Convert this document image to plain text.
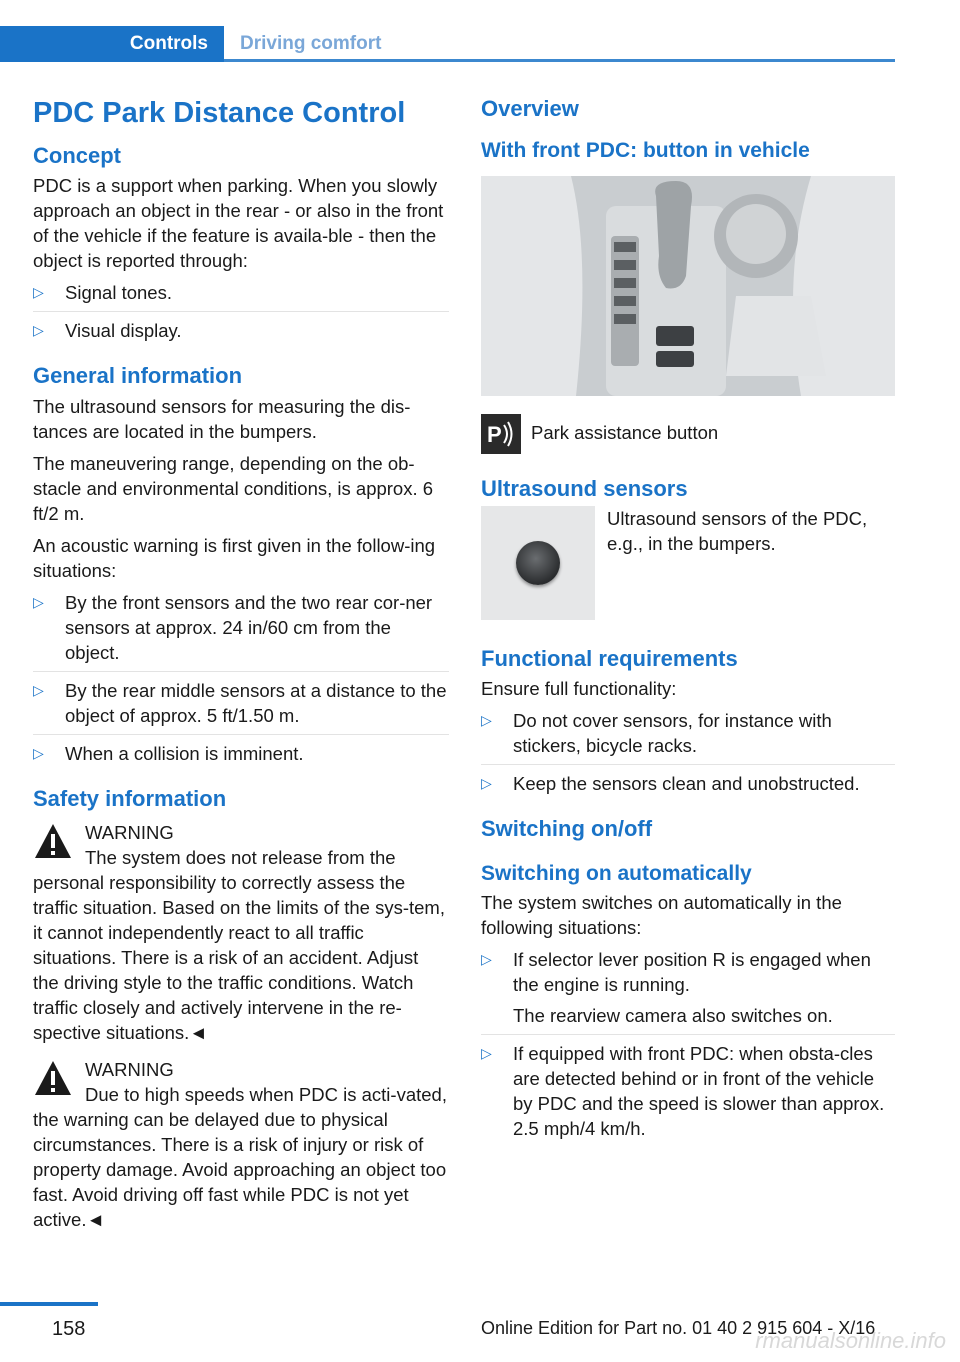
Controls	Driving comfort
PDC Park Distance Control
Concept

PDC is a support when parking. When you slowly approach an object in the rear - or also in the front of the vehicle if the feature is availa-ble - then the object is reported through:

▷ Signal tones.
▷ Visual display.
General information

The ultrasound sensors for measuring the dis-tances are located in the bumpers.

The maneuvering range, depending on the ob-stacle and environmental conditions, is approx. 6 ft/2 m.

An acoustic warning is first given in the follow-ing situations:

▷ By the front sensors and the two rear cor-ner sensors at approx. 24 in/60 cm from the object.
▷ By the rear middle sensors at a distance to the object of approx. 5 ft/1.50 m.
▷ When a collision is imminent.
Safety information

WARNING

The system does not release from the personal responsibility to correctly assess the traffic situation. Based on the limits of the sys-tem, it cannot independently react to all traffic situations. There is a risk of an accident. Adjust the driving style to the traffic conditions. Watch traffic closely and actively intervene in the re-spective situations.◄

WARNING

Due to high speeds when PDC is acti-vated, the warning can be delayed due to physical circumstances. There is a risk of injury or risk of property damage. Avoid approaching an object too fast. Avoid driving off fast while PDC is not yet active.◄

Overview
With front PDC: button in vehicle
P Park assistance button

Ultrasound sensors

Ultrasound sensors of the PDC, e.g., in the bumpers.

Functional requirements

Ensure full functionality:

▷ Do not cover sensors, for instance with stickers, bicycle racks.
▷ Keep the sensors clean and unobstructed.
Switching on/off
Switching on automatically

The system switches on automatically in the following situations:

▷ If selector lever position R is engaged when the engine is running.
The rearview camera also switches on.
▷ If equipped with front PDC: when obsta-cles are detected behind or in front of the vehicle by PDC and the speed is slower than approx. 2.5 mph/4 km/h.
158	Online Edition for Part no. 01 40 2 915 604 - X/16
rmanualsonline.info
